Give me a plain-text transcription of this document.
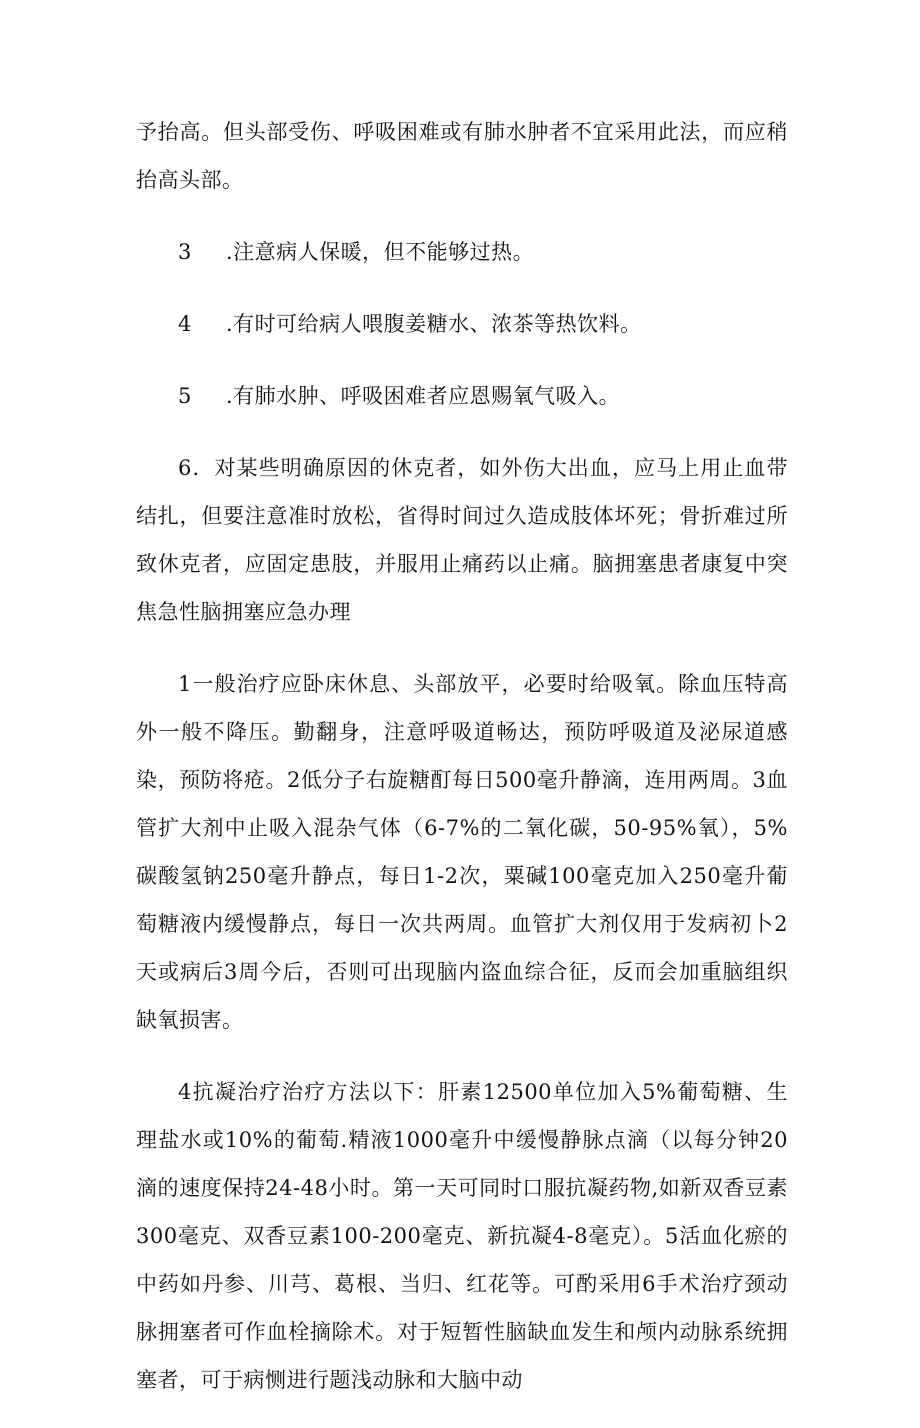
予抬高。但头部受伤、呼吸困难或有肺水肿者不宜采用此法，而应稍抬高头部。

3	.注意病人保暖，但不能够过热。
4	.有时可给病人喂腹姜糖水、浓茶等热饮料。
5	.有肺水肿、呼吸困难者应恩赐氧气吸入。

6．对某些明确原因的休克者，如外伤大出血，应马上用止血带结扎，但要注意准时放松，省得时间过久造成肢体坏死；骨折难过所致休克者，应固定患肢，并服用止痛药以止痛。脑拥塞患者康复中突焦急性脑拥塞应急办理

1一般治疗应卧床休息、头部放平，必要时给吸氧。除血压特高外一般不降压。勤翻身，注意呼吸道畅达，预防呼吸道及泌尿道感染，预防将疮。2低分子右旋糖酊每日500毫升静滴，连用两周。3血管扩大剂中止吸入混杂气体（6-7%的二氧化碳，50-95%氧），5%碳酸氢钠250毫升静点，每日1-2次，粟碱100毫克加入250毫升葡萄糖液内缓慢静点，每日一次共两周。血管扩大剂仅用于发病初卜2天或病后3周今后，否则可出现脑内盗血综合征，反而会加重脑组织缺氧损害。

4抗凝治疗治疗方法以下：肝素12500单位加入5%葡萄糖、生理盐水或10%的葡萄.精液1000毫升中缓慢静脉点滴（以每分钟20滴的速度保持24-48小时。第一天可同时口服抗凝药物,如新双香豆素300毫克、双香豆素100-200毫克、新抗凝4-8毫克）。5活血化瘀的中药如丹参、川芎、葛根、当归、红花等。可酌采用6手术治疗颈动脉拥塞者可作血栓摘除术。对于短暂性脑缺血发生和颅内动脉系统拥塞者，可于病恻进行题浅动脉和大脑中动
